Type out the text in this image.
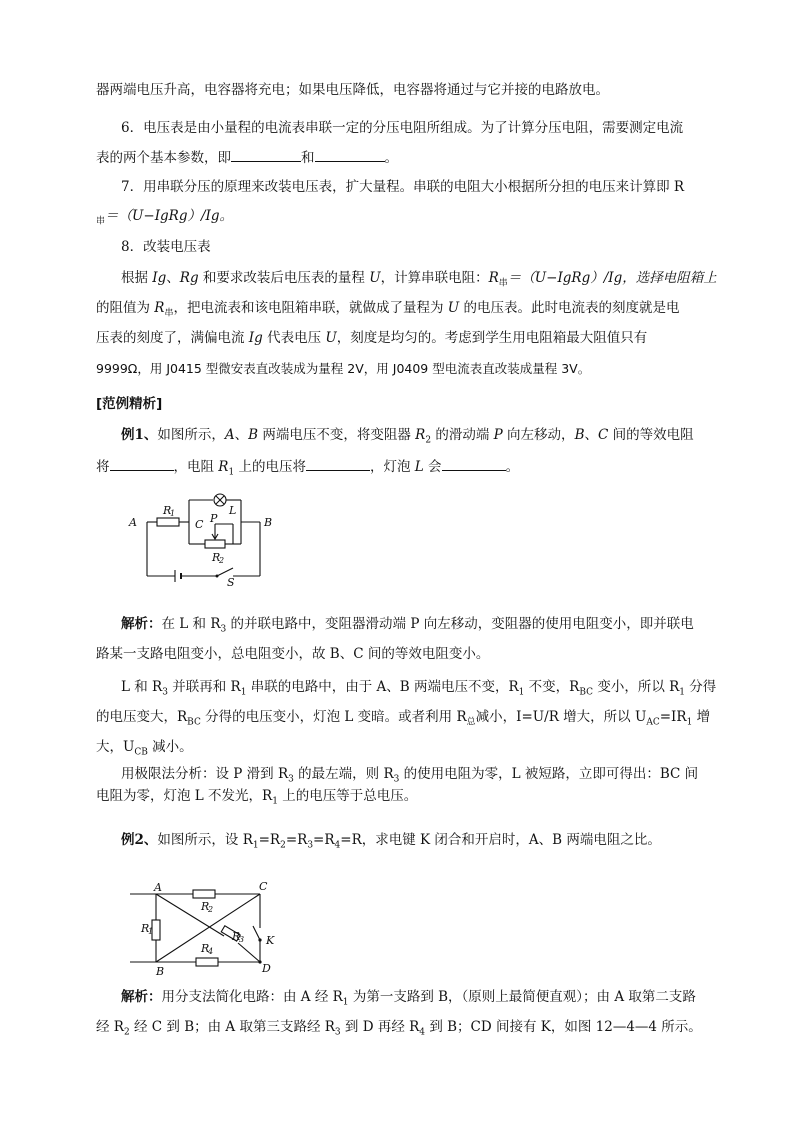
器两端电压升高，电容器将充电；如果电压降低，电容器将通过与它并接的电路放电。
6．电压表是由小量程的电流表串联一定的分压电阻所组成。为了计算分压电阻，需要测定电流
表的两个基本参数，即	和	。
7．用串联分压的原理来改装电压表，扩大量程。串联的电阻大小根据所分担的电压来计算即 R
$_串$＝（U−IgRg）/Ig。
8．改装电压表
根据 Ig、Rg 和要求改装后电压表的量程 U，计算串联电阻：$R_串=(U-IgRg)/Ig$，选择电阻箱上
的阻值为 $R_串$，把电流表和该电阻箱串联，就做成了量程为 U 的电压表。此时电流表的刻度就是电
压表的刻度了，满偏电流 Ig 代表电压 U，刻度是均匀的。考虑到学生用电阻箱最大阻值只有
9999Ω，用 J0415 型微安表直改装成为量程 2V，用 J0409 型电流表直改装成量程 3V。
[范例精析]
例1、如图所示，A、B 两端电压不变，将变阻器 $R_2$ 的滑动端 P 向左移动，B、C 间的等效电阻
将	，电阻 $R_1$ 上的电压将	，灯泡 L 会	。
A	B
C
L
P
R
1
R
2
S
解析：在 L 和 $R_3$ 的并联电路中，变阻器滑动端 P 向左移动，变阻器的使用电阻变小，即并联电
路某一支路电阻变小，总电阻变小，故 B、C 间的等效电阻变小。
L 和 $R_3$ 并联再和 $R_1$ 串联的电路中，由于 A、B 两端电压不变，$R_1$ 不变，$R_{BC}$ 变小，所以 $R_1$ 分得
的电压变大，$R_{BC}$ 分得的电压变小，灯泡 L 变暗。或者利用 $R_总$减小，I=U/R 增大，所以 $U_{AC}=IR_1$ 增
大，$U_{CB}$ 减小。
用极限法分析：设 P 滑到 $R_3$ 的最左端，则 $R_3$ 的使用电阻为零，L 被短路，立即可得出：BC 间
电阻为零，灯泡 L 不发光，$R_1$ 上的电压等于总电压。
例2、如图所示，设 $R_1=R_2=R_3=R_4=R$，求电键 K 闭合和开启时，A、B 两端电阻之比。
A
B
C
D
K
R
1
R
2
R
3
R
4
解析：用分支法简化电路：由 A 经 $R_1$ 为第一支路到 B，（原则上最简便直观）；由 A 取第二支路
经 $R_2$ 经 C 到 B；由 A 取第三支路经 $R_3$ 到 D 再经 $R_4$ 到 B；CD 间接有 K，如图 12—4—4 所示。
